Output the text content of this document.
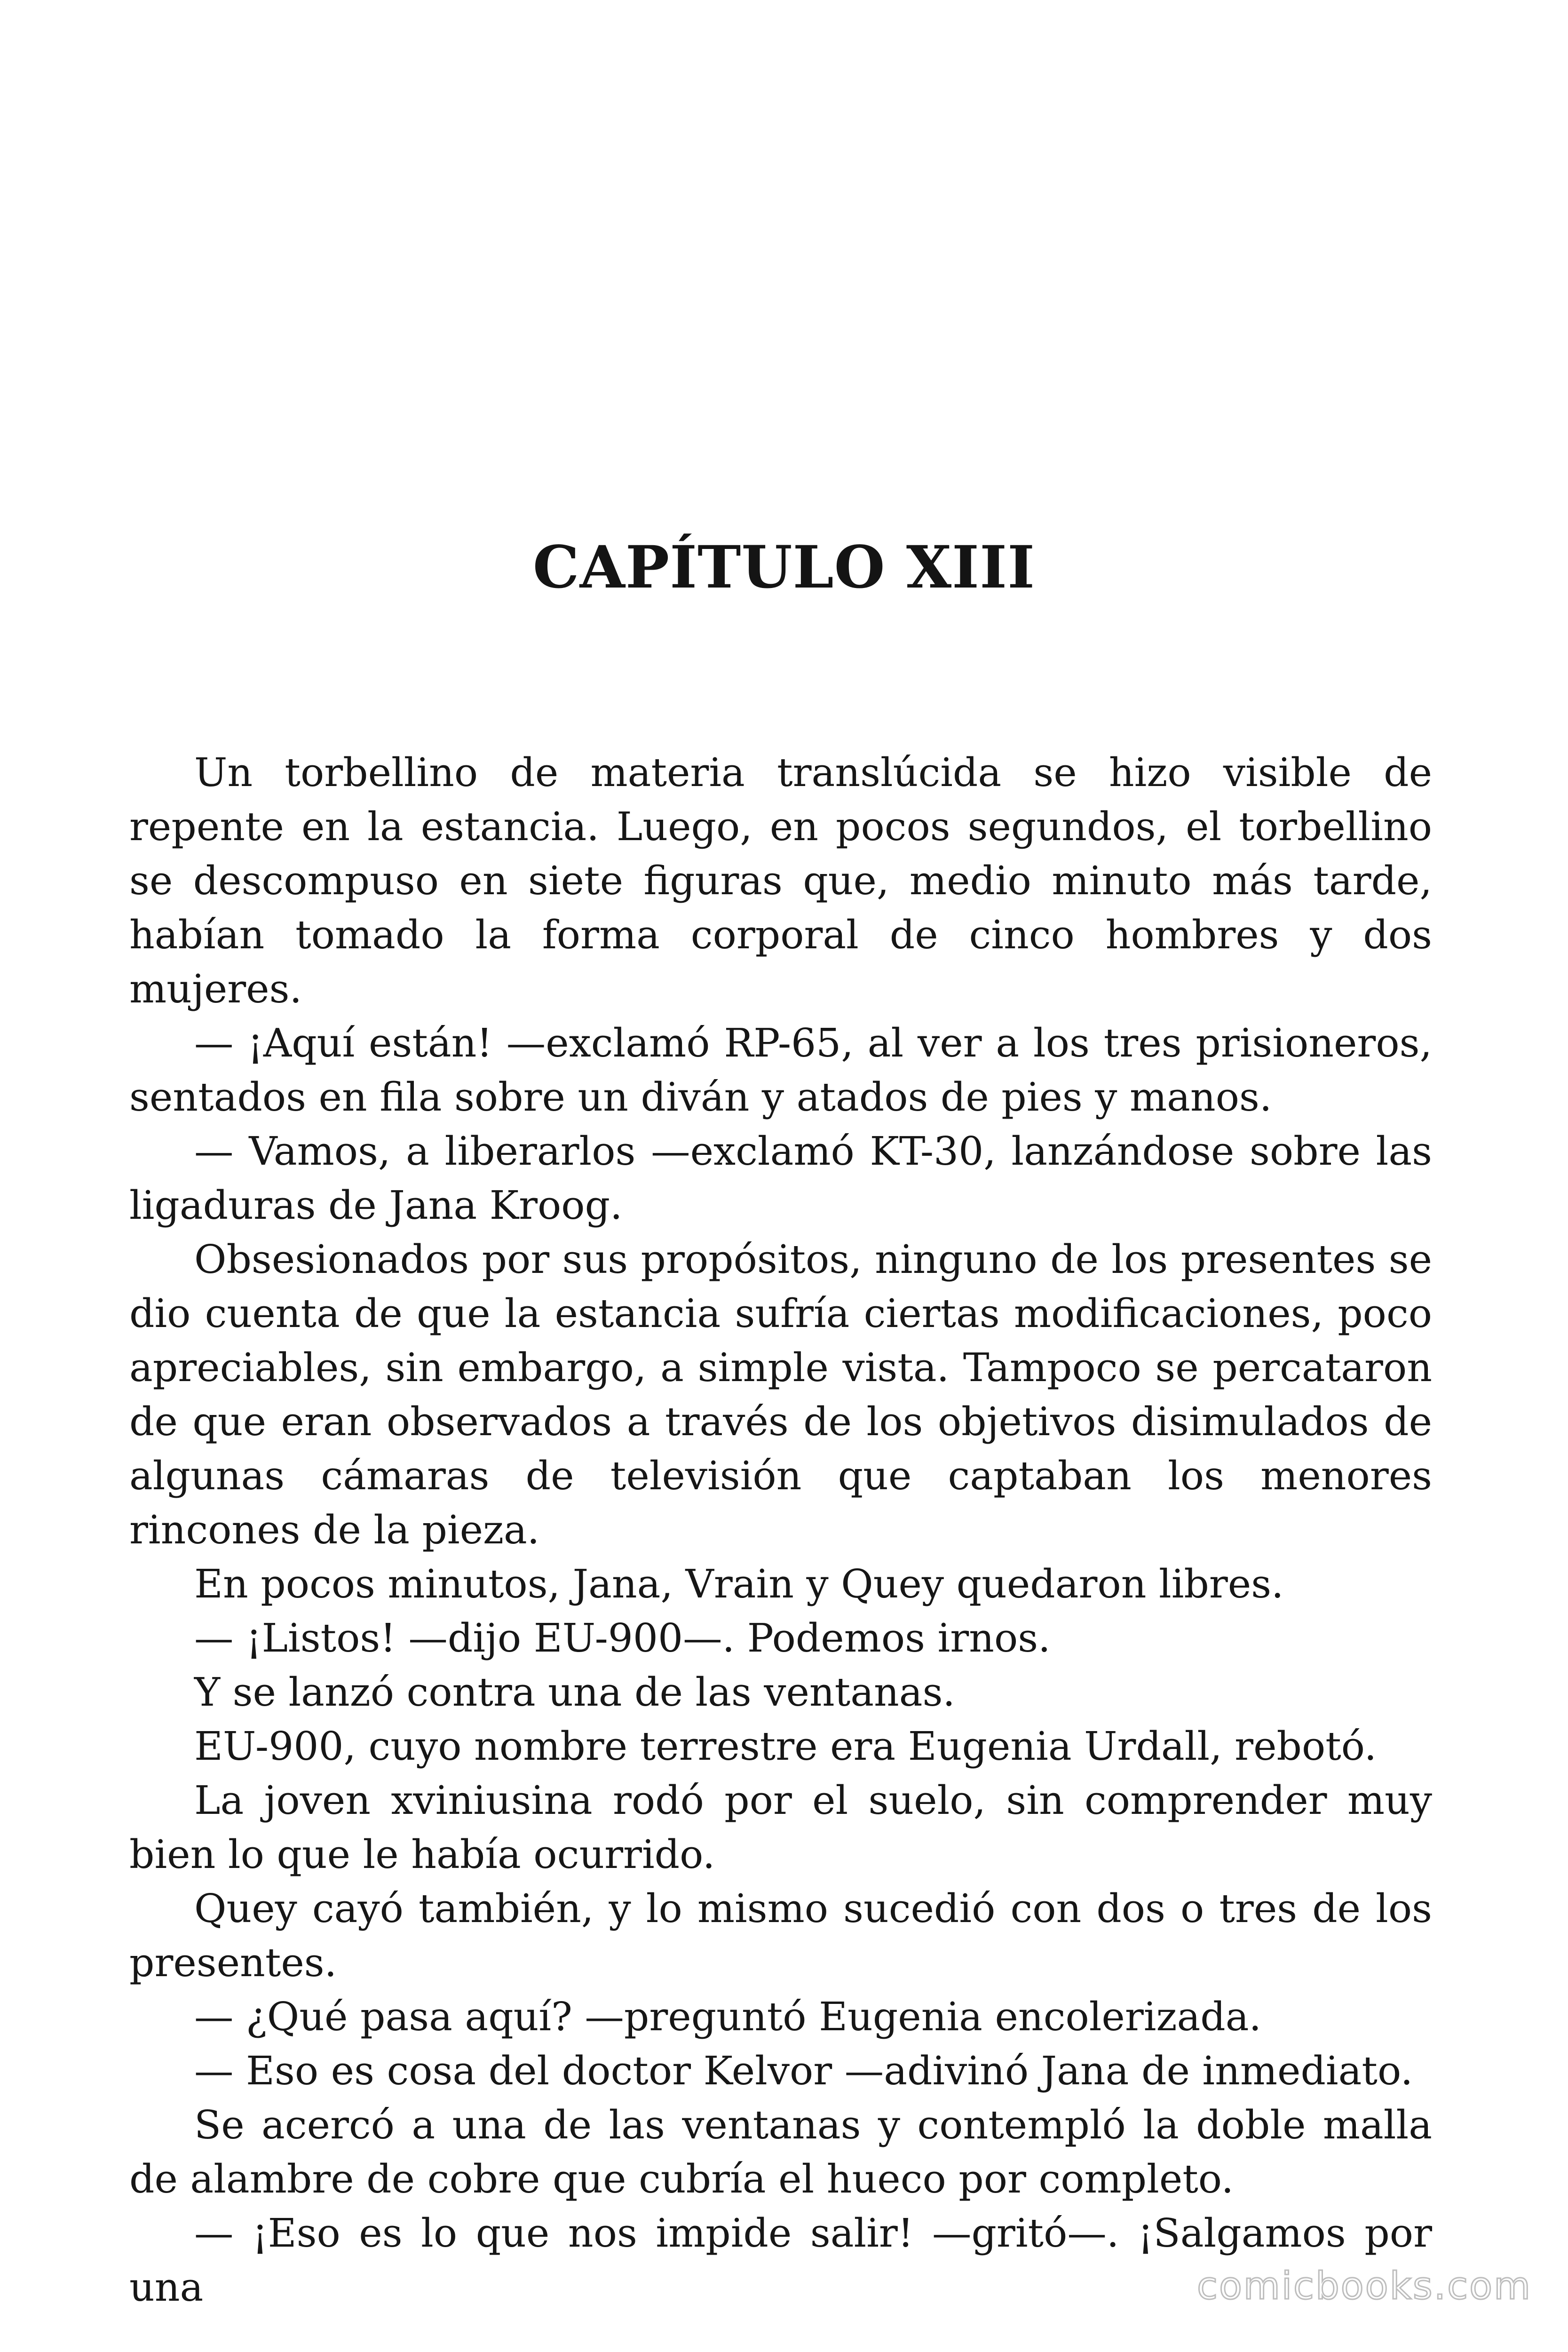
CAPÍTULO XIII

Un torbellino de materia translúcida se hizo visible de repente en la estancia. Luego, en pocos segundos, el torbellino se descompuso en siete figuras que, medio minuto más tarde, habían tomado la forma corporal de cinco hombres y dos mujeres.

— ¡Aquí están! —exclamó RP-65, al ver a los tres prisioneros, sentados en fila sobre un diván y atados de pies y manos.

— Vamos, a liberarlos —exclamó KT-30, lanzándose sobre las ligaduras de Jana Kroog.

Obsesionados por sus propósitos, ninguno de los presentes se dio cuenta de que la estancia sufría ciertas modificaciones, poco apreciables, sin embargo, a simple vista. Tampoco se percataron de que eran observados a través de los objetivos disimulados de algunas cámaras de televisión que captaban los menores rincones de la pieza.

En pocos minutos, Jana, Vrain y Quey quedaron libres.

— ¡Listos! —dijo EU-900—. Podemos irnos.

Y se lanzó contra una de las ventanas.

EU-900, cuyo nombre terrestre era Eugenia Urdall, rebotó.

La joven xviniusina rodó por el suelo, sin comprender muy bien lo que le había ocurrido.

Quey cayó también, y lo mismo sucedió con dos o tres de los presentes.

— ¿Qué pasa aquí? —preguntó Eugenia encolerizada.

— Eso es cosa del doctor Kelvor —adivinó Jana de inmediato.

Se acercó a una de las ventanas y contempló la doble malla de alambre de cobre que cubría el hueco por completo.

— ¡Eso es lo que nos impide salir! —gritó—. ¡Salgamos por una	comicbooks.com
